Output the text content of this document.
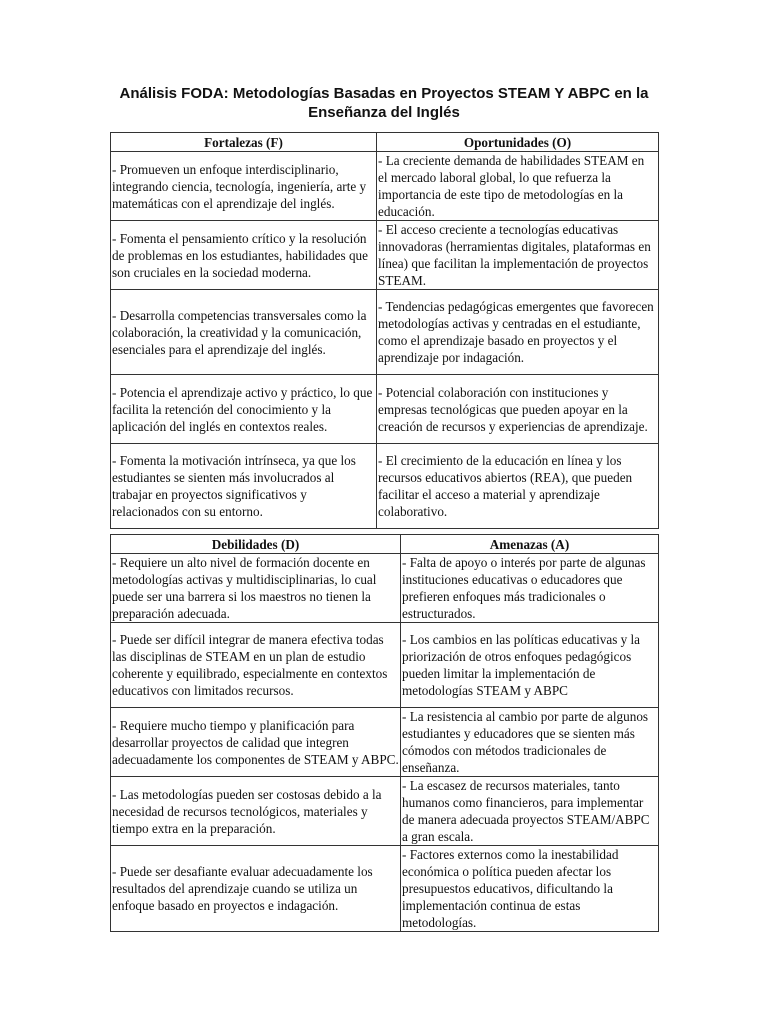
Análisis FODA: Metodologías Basadas en Proyectos STEAM Y ABPC en la Enseñanza del Inglés
Fortalezas (F)	Oportunidades (O)
- Promueven un enfoque interdisciplinario, integrando ciencia, tecnología, ingeniería, arte y matemáticas con el aprendizaje del inglés.	- La creciente demanda de habilidades STEAM en el mercado laboral global, lo que refuerza la importancia de este tipo de metodologías en la educación.
- Fomenta el pensamiento crítico y la resolución de problemas en los estudiantes, habilidades que son cruciales en la sociedad moderna.	- El acceso creciente a tecnologías educativas innovadoras (herramientas digitales, plataformas en línea) que facilitan la implementación de proyectos STEAM.
- Desarrolla competencias transversales como la colaboración, la creatividad y la comunicación, esenciales para el aprendizaje del inglés.	- Tendencias pedagógicas emergentes que favorecen metodologías activas y centradas en el estudiante, como el aprendizaje basado en proyectos y el aprendizaje por indagación.
- Potencia el aprendizaje activo y práctico, lo que facilita la retención del conocimiento y la aplicación del inglés en contextos reales.	- Potencial colaboración con instituciones y empresas tecnológicas que pueden apoyar en la creación de recursos y experiencias de aprendizaje.
- Fomenta la motivación intrínseca, ya que los estudiantes se sienten más involucrados al trabajar en proyectos significativos y relacionados con su entorno.	- El crecimiento de la educación en línea y los recursos educativos abiertos (REA), que pueden facilitar el acceso a material y aprendizaje colaborativo.
Debilidades (D)	Amenazas (A)
- Requiere un alto nivel de formación docente en metodologías activas y multidisciplinarias, lo cual puede ser una barrera si los maestros no tienen la preparación adecuada.	- Falta de apoyo o interés por parte de algunas instituciones educativas o educadores que prefieren enfoques más tradicionales o estructurados.
- Puede ser difícil integrar de manera efectiva todas las disciplinas de STEAM en un plan de estudio coherente y equilibrado, especialmente en contextos educativos con limitados recursos.	- Los cambios en las políticas educativas y la priorización de otros enfoques pedagógicos pueden limitar la implementación de metodologías STEAM y ABPC
- Requiere mucho tiempo y planificación para desarrollar proyectos de calidad que integren adecuadamente los componentes de STEAM y ABPC.	- La resistencia al cambio por parte de algunos estudiantes y educadores que se sienten más cómodos con métodos tradicionales de enseñanza.
- Las metodologías pueden ser costosas debido a la necesidad de recursos tecnológicos, materiales y tiempo extra en la preparación.	- La escasez de recursos materiales, tanto humanos como financieros, para implementar de manera adecuada proyectos STEAM/ABPC a gran escala.
- Puede ser desafiante evaluar adecuadamente los resultados del aprendizaje cuando se utiliza un enfoque basado en proyectos e indagación.	- Factores externos como la inestabilidad económica o política pueden afectar los presupuestos educativos, dificultando la implementación continua de estas metodologías.
